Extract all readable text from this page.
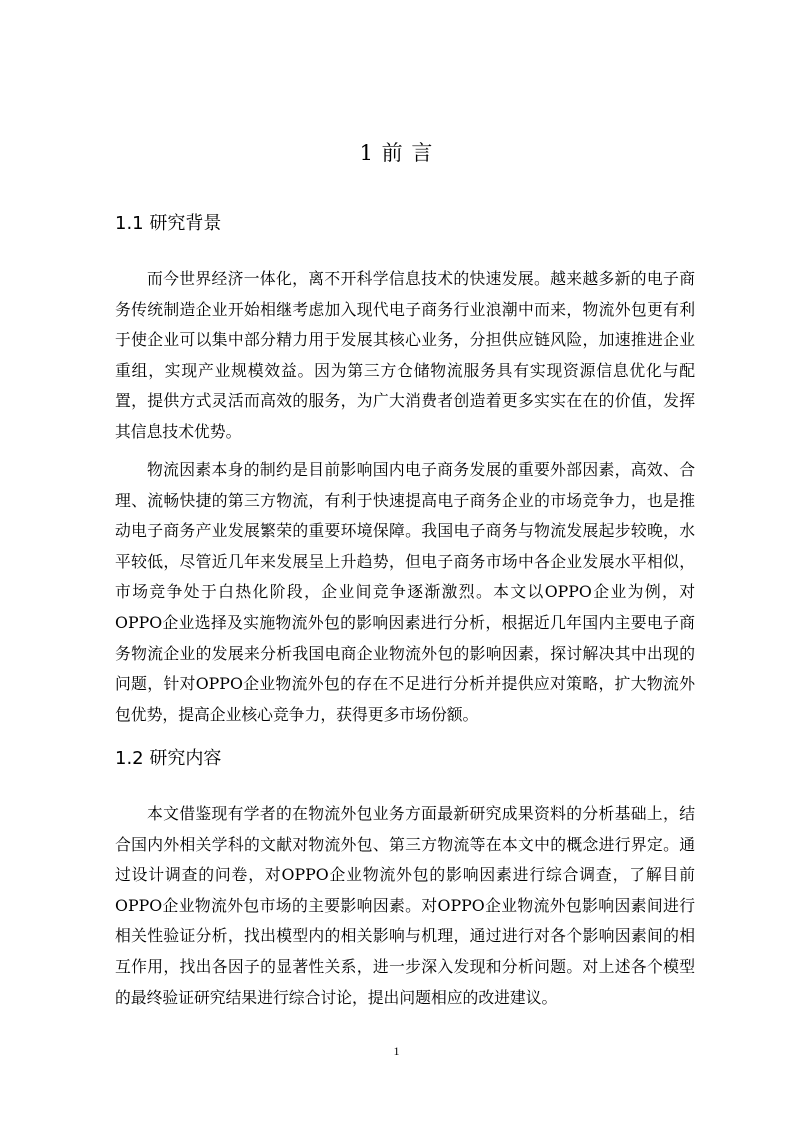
1 前 言
1.1 研究背景

而今世界经济一体化，离不开科学信息技术的快速发展。越来越多新的电子商务传统制造企业开始相继考虑加入现代电子商务行业浪潮中而来，物流外包更有利于使企业可以集中部分精力用于发展其核心业务，分担供应链风险，加速推进企业重组，实现产业规模效益。因为第三方仓储物流服务具有实现资源信息优化与配置，提供方式灵活而高效的服务，为广大消费者创造着更多实实在在的价值，发挥其信息技术优势。

物流因素本身的制约是目前影响国内电子商务发展的重要外部因素，高效、合理、流畅快捷的第三方物流，有利于快速提高电子商务企业的市场竞争力，也是推动电子商务产业发展繁荣的重要环境保障。我国电子商务与物流发展起步较晚，水平较低，尽管近几年来发展呈上升趋势，但电子商务市场中各企业发展水平相似，市场竞争处于白热化阶段，企业间竞争逐渐激烈。本文以OPPO企业为例，对OPPO企业选择及实施物流外包的影响因素进行分析，根据近几年国内主要电子商务物流企业的发展来分析我国电商企业物流外包的影响因素，探讨解决其中出现的问题，针对OPPO企业物流外包的存在不足进行分析并提供应对策略，扩大物流外包优势，提高企业核心竞争力，获得更多市场份额。

1.2 研究内容

本文借鉴现有学者的在物流外包业务方面最新研究成果资料的分析基础上，结合国内外相关学科的文献对物流外包、第三方物流等在本文中的概念进行界定。通过设计调查的问卷，对OPPO企业物流外包的影响因素进行综合调查，了解目前OPPO企业物流外包市场的主要影响因素。对OPPO企业物流外包影响因素间进行相关性验证分析，找出模型内的相关影响与机理，通过进行对各个影响因素间的相互作用，找出各因子的显著性关系，进一步深入发现和分析问题。对上述各个模型的最终验证研究结果进行综合讨论，提出问题相应的改进建议。

1
